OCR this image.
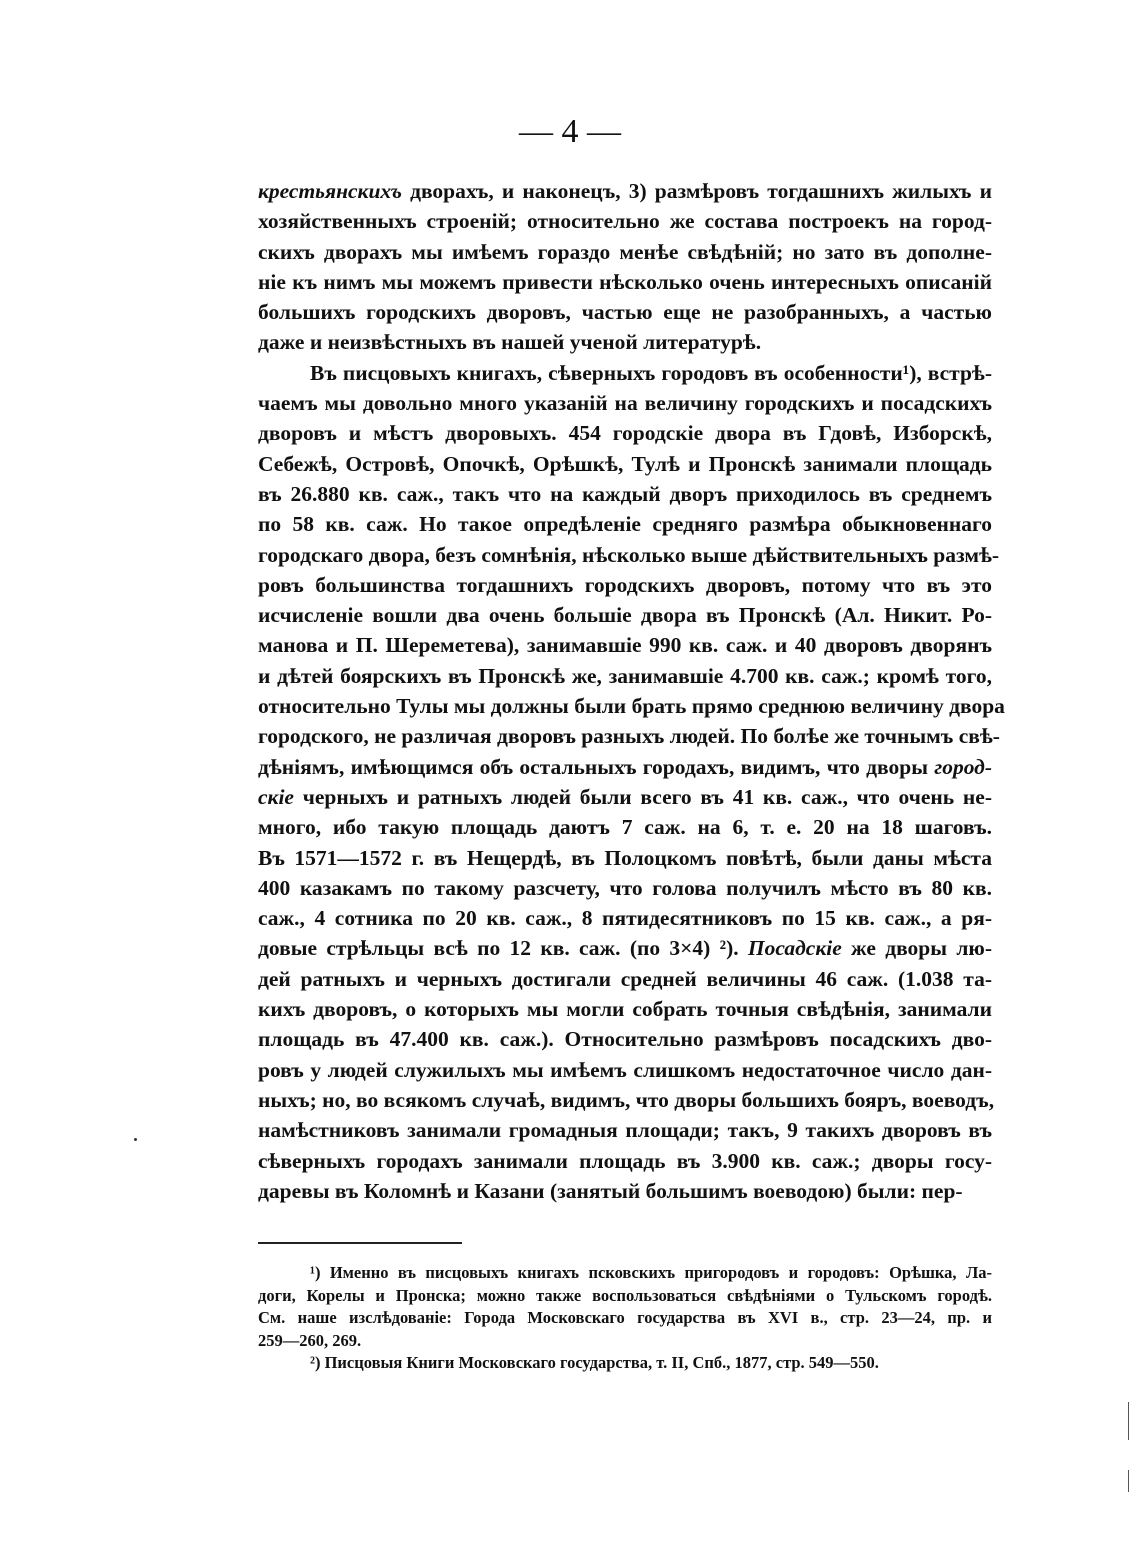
— 4 —
крестьянскихъ дворахъ, и наконецъ, 3) размѣровъ тогдашнихъ жилыхъ и
хозяйственныхъ строеній; относительно же состава построекъ на город-
скихъ дворахъ мы имѣемъ гораздо менѣе свѣдѣній; но зато въ дополне-
ніе къ нимъ мы можемъ привести нѣсколько очень интересныхъ описаній
большихъ городскихъ дворовъ, частью еще не разобранныхъ, а частью
даже и неизвѣстныхъ въ нашей ученой литературѣ.
Въ писцовыхъ книгахъ, сѣверныхъ городовъ въ особенности¹), встрѣ-
чаемъ мы довольно много указаній на величину городскихъ и посадскихъ
дворовъ и мѣстъ дворовыхъ. 454 городскіе двора въ Гдовѣ, Изборскѣ,
Себежѣ, Островѣ, Опочкѣ, Орѣшкѣ, Тулѣ и Пронскѣ занимали площадь
въ 26.880 кв. саж., такъ что на каждый дворъ приходилось въ среднемъ
по 58 кв. саж. Но такое опредѣленіе средняго размѣра обыкновеннаго
городскаго двора, безъ сомнѣнія, нѣсколько выше дѣйствительныхъ размѣ-
ровъ большинства тогдашнихъ городскихъ дворовъ, потому что въ это
исчисленіе вошли два очень большіе двора въ Пронскѣ (Ал. Никит. Ро-
манова и П. Шереметева), занимавшіе 990 кв. саж. и 40 дворовъ дворянъ
и дѣтей боярскихъ въ Пронскѣ же, занимавшіе 4.700 кв. саж.; кромѣ того,
относительно Тулы мы должны были брать прямо среднюю величину двора
городского, не различая дворовъ разныхъ людей. По болѣе же точнымъ свѣ-
дѣніямъ, имѣющимся объ остальныхъ городахъ, видимъ, что дворы город-
скіе черныхъ и ратныхъ людей были всего въ 41 кв. саж., что очень не-
много, ибо такую площадь даютъ 7 саж. на 6, т. е. 20 на 18 шаговъ.
Въ 1571—1572 г. въ Нещердѣ, въ Полоцкомъ повѣтѣ, были даны мѣста
400 казакамъ по такому разсчету, что голова получилъ мѣсто въ 80 кв.
саж., 4 сотника по 20 кв. саж., 8 пятидесятниковъ по 15 кв. саж., а ря-
довые стрѣльцы всѣ по 12 кв. саж. (по 3×4) ²). Посадскіе же дворы лю-
дей ратныхъ и черныхъ достигали средней величины 46 саж. (1.038 та-
кихъ дворовъ, о которыхъ мы могли собрать точныя свѣдѣнія, занимали
площадь въ 47.400 кв. саж.). Относительно размѣровъ посадскихъ дво-
ровъ у людей служилыхъ мы имѣемъ слишкомъ недостаточное число дан-
ныхъ; но, во всякомъ случаѣ, видимъ, что дворы большихъ бояръ, воеводъ,
намѣстниковъ занимали громадныя площади; такъ, 9 такихъ дворовъ въ
сѣверныхъ городахъ занимали площадь въ 3.900 кв. саж.; дворы госу-
даревы въ Коломнѣ и Казани (занятый большимъ воеводою) были: пер-
¹) Именно въ писцовыхъ книгахъ псковскихъ пригородовъ и городовъ: Орѣшка, Ла-
доги, Корелы и Пронска; можно также воспользоваться свѣдѣніями о Тульскомъ городѣ.
См. наше изслѣдованіе: Города Московскаго государства въ XVI в., стр. 23—24, пр. и
259—260, 269.
²) Писцовыя Книги Московскаго государства, т. II, Спб., 1877, стр. 549—550.
